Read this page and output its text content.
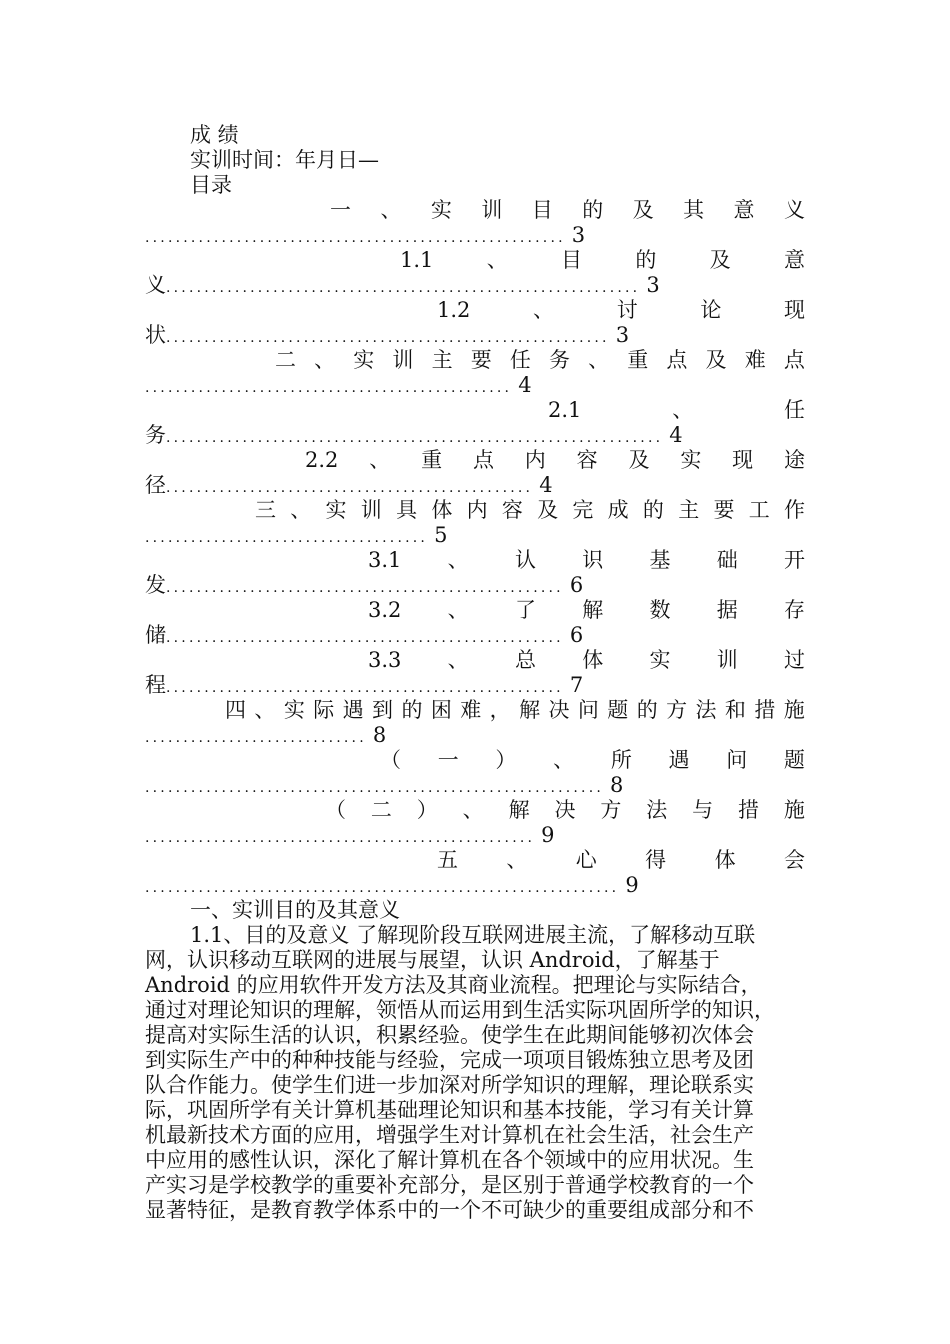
成 绩
实训时间：年月日—
目录
一 、 实 训 目 的 及 其 意 义
....................................................... 3
1.1	、	目	的	及	意
义.............................................................. 3
1.2	、	讨	论	现
状.......................................................... 3
二 、 实 训 主 要 任 务 、 重 点 及 难 点
................................................ 4
2.1	、	任
务................................................................. 4
2.2 、 重 点 内 容 及 实 现 途
径................................................ 4
三 、 实 训 具 体 内 容 及 完 成 的 主 要 工 作
..................................... 5
3.1 、 认 识 基 础 开
发.................................................... 6
3.2 、 了 解 数 据 存
储.................................................... 6
3.3 、 总 体 实 训 过
程.................................................... 7
四 、 实 际 遇 到 的 困 难 ， 解 决 问 题 的 方 法 和 措 施
............................. 8
（ 一 ） 、 所 遇 问 题
............................................................ 8
（ 二 ） 、 解 决 方 法 与 措 施
................................................... 9
五 、 心 得 体 会
.............................................................. 9
一、实训目的及其意义
1.1、目的及意义 了解现阶段互联网进展主流，了解移动互联
网，认识移动互联网的进展与展望，认识 Android，了解基于
Android 的应用软件开发方法及其商业流程。把理论与实际结合，
通过对理论知识的理解，领悟从而运用到生活实际巩固所学的知识，
提高对实际生活的认识，积累经验。使学生在此期间能够初次体会
到实际生产中的种种技能与经验，完成一项项目锻炼独立思考及团
队合作能力。使学生们进一步加深对所学知识的理解，理论联系实
际，巩固所学有关计算机基础理论知识和基本技能，学习有关计算
机最新技术方面的应用，增强学生对计算机在社会生活，社会生产
中应用的感性认识，深化了解计算机在各个领域中的应用状况。生
产实习是学校教学的重要补充部分，是区别于普通学校教育的一个
显著特征，是教育教学体系中的一个不可缺少的重要组成部分和不
